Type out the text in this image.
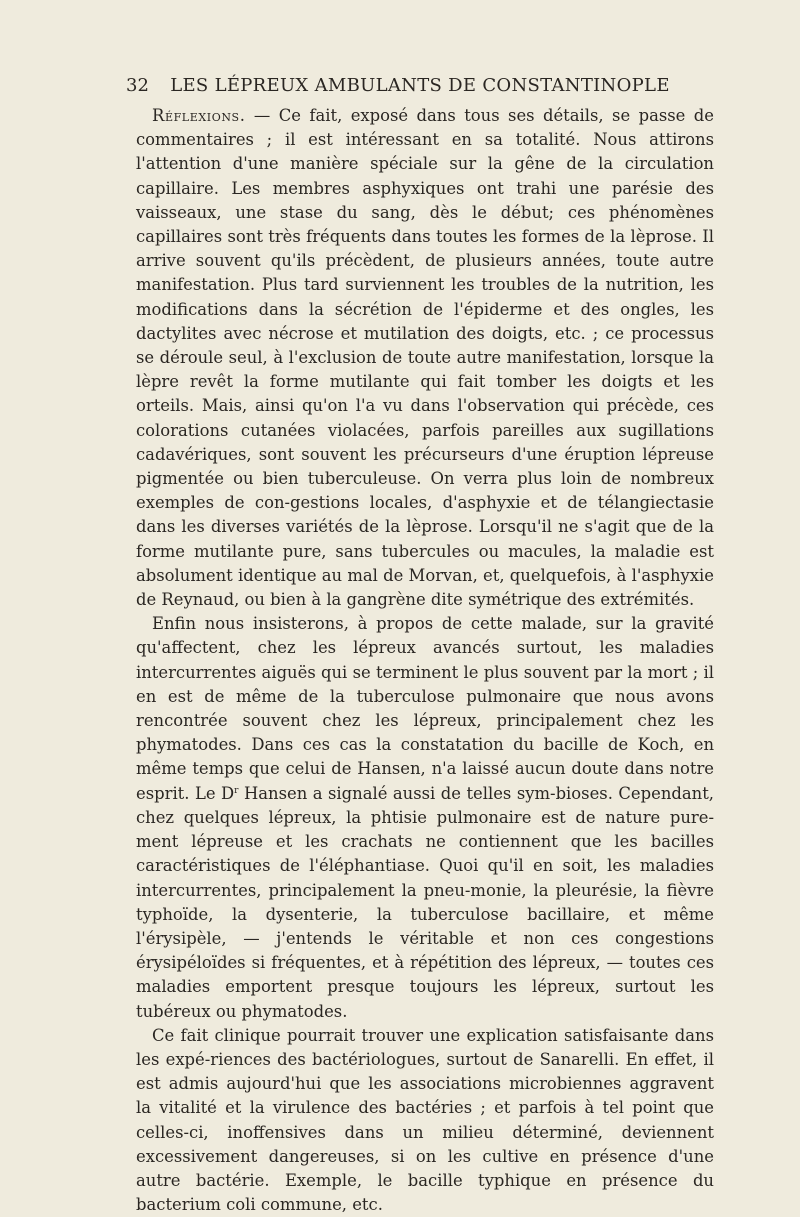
32	LES LÉPREUX AMBULANTS DE CONSTANTINOPLE

Réflexions. — Ce fait, exposé dans tous ses détails, se passe de commentaires ; il est intéressant en sa totalité. Nous attirons l'attention d'une manière spéciale sur la gêne de la circulation capillaire. Les membres asphyxiques ont trahi une parésie des vaisseaux, une stase du sang, dès le début; ces phénomènes capillaires sont très fréquents dans toutes les formes de la lèprose. Il arrive souvent qu'ils précèdent, de plusieurs années, toute autre manifestation. Plus tard surviennent les troubles de la nutrition, les modifications dans la sécrétion de l'épiderme et des ongles, les dactylites avec nécrose et mutilation des doigts, etc. ; ce processus se déroule seul, à l'exclusion de toute autre manifestation, lorsque la lèpre revêt la forme mutilante qui fait tomber les doigts et les orteils. Mais, ainsi qu'on l'a vu dans l'observation qui précède, ces colorations cutanées violacées, parfois pareilles aux sugillations cadavériques, sont souvent les précurseurs d'une éruption lépreuse pigmentée ou bien tuberculeuse. On verra plus loin de nombreux exemples de con-gestions locales, d'asphyxie et de télangiectasie dans les diverses variétés de la lèprose. Lorsqu'il ne s'agit que de la forme mutilante pure, sans tubercules ou macules, la maladie est absolument identique au mal de Morvan, et, quelquefois, à l'asphyxie de Reynaud, ou bien à la gangrène dite symétrique des extrémités.

Enfin nous insisterons, à propos de cette malade, sur la gravité qu'affectent, chez les lépreux avancés surtout, les maladies intercurrentes aiguës qui se terminent le plus souvent par la mort ; il en est de même de la tuberculose pulmonaire que nous avons rencontrée souvent chez les lépreux, principalement chez les phymatodes. Dans ces cas la constatation du bacille de Koch, en même temps que celui de Hansen, n'a laissé aucun doute dans notre esprit. Le $D^r$ Hansen a signalé aussi de telles sym-bioses. Cependant, chez quelques lépreux, la phtisie pulmonaire est de nature pure-ment lépreuse et les crachats ne contiennent que les bacilles caractéristiques de l'éléphantiase. Quoi qu'il en soit, les maladies intercurrentes, principalement la pneu-monie, la pleurésie, la fièvre typhoïde, la dysenterie, la tuberculose bacillaire, et même l'érysipèle, — j'entends le véritable et non ces congestions érysipéloïdes si fréquentes, et à répétition des lépreux, — toutes ces maladies emportent presque toujours les lépreux, surtout les tubéreux ou phymatodes.

Ce fait clinique pourrait trouver une explication satisfaisante dans les expé-riences des bactériologues, surtout de Sanarelli. En effet, il est admis aujourd'hui que les associations microbiennes aggravent la vitalité et la virulence des bactéries ; et parfois à tel point que celles-ci, inoffensives dans un milieu déterminé, deviennent excessivement dangereuses, si on les cultive en présence d'une autre bactérie. Exemple, le bacille typhique en présence du bacterium coli commune, etc.
